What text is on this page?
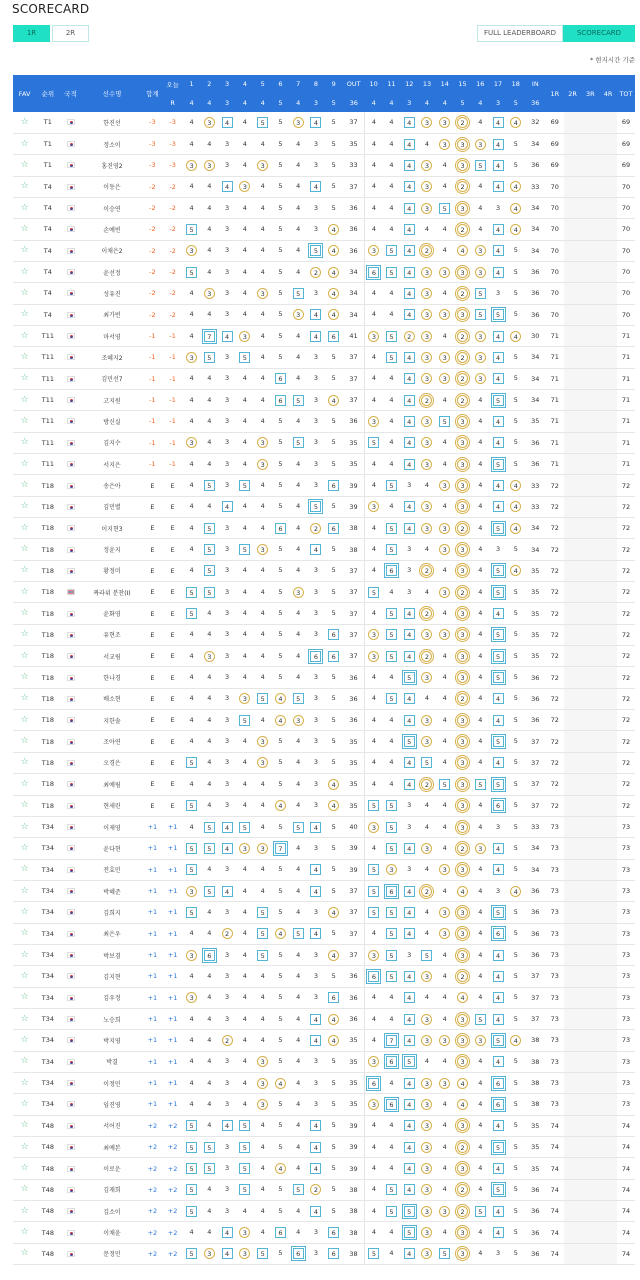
SCORECARD
1R	2R	FULL LEADERBOARD	SCORECARD
* 현지시간 기준
FAV	순위	국적	선수명	합계	오늘	1	2	3	4	5	6	7	8	9	OUT	10	11	12	13	14	15	16	17	18	IN	1R	2R	3R	4R	TOT
					R	4	4	3	4	4	5	4	3	5	36	4	4	3	4	4	5	4	3	5	36					
☆	T1		한진선	-3	-3	4	3	4	4	5	5	3	4	5	37	4	4	4	3	3	2	4	4	4	32	69				69
☆	T1		정소이	-3	-3	4	4	3	4	4	5	4	3	5	35	4	4	4	4	3	3	3	4	5	34	69				69
☆	T1		홍진영2	-3	-3	3	3	3	4	3	5	4	3	5	33	4	4	4	3	4	3	5	4	5	36	69				69
☆	T4		이동은	-2	-2	4	4	4	3	4	5	4	4	5	37	4	4	4	3	4	2	4	4	4	33	70				70
☆	T4		이승연	-2	-2	4	4	3	4	4	5	4	3	5	36	4	4	4	3	5	3	4	3	4	34	70				70
☆	T4		손예빈	-2	-2	5	4	3	4	4	5	4	3	4	36	4	4	4	4	4	2	4	4	4	34	70				70
☆	T4		이채은2	-2	-2	3	4	3	4	4	5	4	5	4	36	3	5	4	2	4	4	3	4	5	34	70				70
☆	T4		윤선정	-2	-2	5	4	3	4	4	5	4	2	4	34	6	5	4	3	3	3	3	4	5	36	70				70
☆	T4		성유진	-2	-2	4	3	3	4	3	5	5	3	4	34	4	4	4	3	4	2	5	3	5	36	70				70
☆	T4		최가빈	-2	-2	4	4	3	4	4	5	3	4	4	34	4	4	4	3	3	3	5	5	5	36	70				70
☆	T11		마서영	-1	-1	4	7	4	3	4	5	4	4	6	41	3	5	2	3	4	2	3	4	4	30	71				71
☆	T11		조혜지2	-1	-1	3	5	3	5	4	5	4	3	5	37	4	5	4	3	3	2	3	4	5	34	71				71
☆	T11		김민선7	-1	-1	4	4	3	4	4	6	4	3	5	37	4	4	4	3	3	2	3	4	5	34	71				71
☆	T11		고지원	-1	-1	4	4	3	4	4	6	5	3	4	37	4	4	4	2	4	2	4	5	5	34	71				71
☆	T11		방신실	-1	-1	4	4	3	4	4	5	4	3	5	36	3	4	4	3	5	3	4	4	5	35	71				71
☆	T11		김지수	-1	-1	3	4	3	4	3	5	5	3	5	35	5	4	4	3	4	3	4	4	5	36	71				71
☆	T11		서지은	-1	-1	4	4	3	4	3	5	4	3	5	35	4	4	4	3	4	3	4	5	5	36	71				71
☆	T18		송은아	E	E	4	5	3	5	4	5	4	3	6	39	4	5	3	4	3	3	4	4	4	33	72				72
☆	T18		김민별	E	E	4	4	4	4	4	5	4	5	5	39	3	4	4	3	4	3	4	4	4	33	72				72
☆	T18		이지현3	E	E	4	5	3	4	4	6	4	2	6	38	4	5	4	3	3	2	4	5	4	34	72				72
☆	T18		정윤지	E	E	4	5	3	5	3	5	4	4	5	38	4	5	3	4	3	3	4	3	5	34	72				72
☆	T18		황정미	E	E	4	5	3	4	4	5	4	3	5	37	4	6	3	2	4	3	4	5	4	35	72				72
☆	T18		짜라위 분찬(I)	E	E	5	5	3	4	4	5	3	3	5	37	5	4	3	4	3	2	4	5	5	35	72				72
☆	T18		윤화영	E	E	5	4	3	4	4	5	4	3	5	37	4	5	4	2	4	3	4	4	5	35	72				72
☆	T18		유현조	E	E	4	4	3	4	4	5	4	3	6	37	3	5	4	3	3	3	4	5	5	35	72				72
☆	T18		서교림	E	E	4	3	3	4	4	5	4	6	6	37	3	5	4	2	4	3	4	5	5	35	72				72
☆	T18		한나경	E	E	4	4	3	4	4	5	4	3	5	36	4	4	5	3	4	3	4	5	5	36	72				72
☆	T18		배소현	E	E	4	4	3	3	5	4	5	3	5	36	4	5	4	4	4	2	4	4	5	36	72				72
☆	T18		지한솔	E	E	4	4	3	5	4	4	3	3	5	36	4	4	4	3	4	3	4	4	5	36	72				72
☆	T18		조아연	E	E	4	4	3	4	3	5	4	3	5	35	4	4	5	3	4	3	4	5	5	37	72				72
☆	T18		오경은	E	E	5	4	3	4	3	5	4	3	5	35	4	4	4	5	4	3	4	4	5	37	72				72
☆	T18		최예림	E	E	4	4	3	4	4	5	4	3	4	35	4	4	4	2	5	3	5	5	5	37	72				72
☆	T18		현세린	E	E	5	4	3	4	4	4	4	3	4	35	5	5	3	4	4	3	4	6	5	37	72				72
☆	T34		이제영	+1	+1	4	5	4	5	4	5	5	4	5	40	3	5	3	4	4	3	4	3	5	33	73				73
☆	T34		윤다현	+1	+1	5	5	4	3	3	7	4	3	5	39	4	5	4	3	4	2	3	4	5	34	73				73
☆	T34		전효민	+1	+1	5	4	3	4	4	5	4	4	5	39	5	3	3	4	3	3	4	4	5	34	73				73
☆	T34		박혜준	+1	+1	3	5	4	4	4	5	4	4	5	37	5	6	4	2	4	4	4	3	4	36	73				73
☆	T34		김희지	+1	+1	5	4	3	4	5	5	4	3	4	37	5	5	4	4	3	3	4	5	5	36	73				73
☆	T34		최은우	+1	+1	4	4	2	4	5	4	5	4	5	37	4	5	4	4	3	3	4	6	5	36	73				73
☆	T34		박보겸	+1	+1	3	6	3	4	5	5	4	3	4	37	3	5	3	5	4	3	4	4	5	36	73				73
☆	T34		김지현	+1	+1	4	4	3	4	4	5	4	3	5	36	6	5	4	3	4	2	4	4	5	37	73				73
☆	T34		김우정	+1	+1	3	4	3	4	4	5	4	3	6	36	4	4	4	4	4	4	4	4	5	37	73				73
☆	T34		노승희	+1	+1	4	4	3	4	4	5	4	4	4	36	4	4	4	3	4	3	5	4	5	37	73				73
☆	T34		박지영	+1	+1	4	4	2	4	4	5	4	4	4	35	4	7	4	3	3	3	3	5	4	38	73				73
☆	T34		박결	+1	+1	4	4	3	4	3	5	4	3	5	35	3	6	5	4	4	3	4	4	5	38	73				73
☆	T34		이정민	+1	+1	4	4	3	4	3	4	4	3	5	35	6	4	4	3	3	4	4	6	5	38	73				73
☆	T34		임진영	+1	+1	4	4	3	4	3	5	4	3	5	35	3	6	4	3	4	4	4	6	5	38	73				73
☆	T48		서어진	+2	+2	5	4	4	5	4	5	4	4	5	39	4	4	4	3	4	3	4	4	5	35	74				74
☆	T48		최예본	+2	+2	5	5	3	5	4	5	4	4	5	39	4	4	4	3	4	2	4	5	5	35	74				74
☆	T48		이로운	+2	+2	5	5	3	5	4	4	4	4	5	39	4	4	4	3	4	3	4	4	5	35	74				74
☆	T48		김재희	+2	+2	5	4	3	5	4	5	5	2	5	38	4	5	4	3	4	2	4	5	5	36	74				74
☆	T48		김소이	+2	+2	5	4	3	4	4	5	4	4	5	38	4	5	5	3	3	2	5	4	5	36	74				74
☆	T48		이채윤	+2	+2	4	4	4	3	4	6	4	3	6	38	4	4	5	3	4	3	4	4	5	36	74				74
☆	T48		문정민	+2	+2	5	3	4	3	5	5	6	3	6	38	5	4	4	3	5	3	4	3	5	36	74				74
